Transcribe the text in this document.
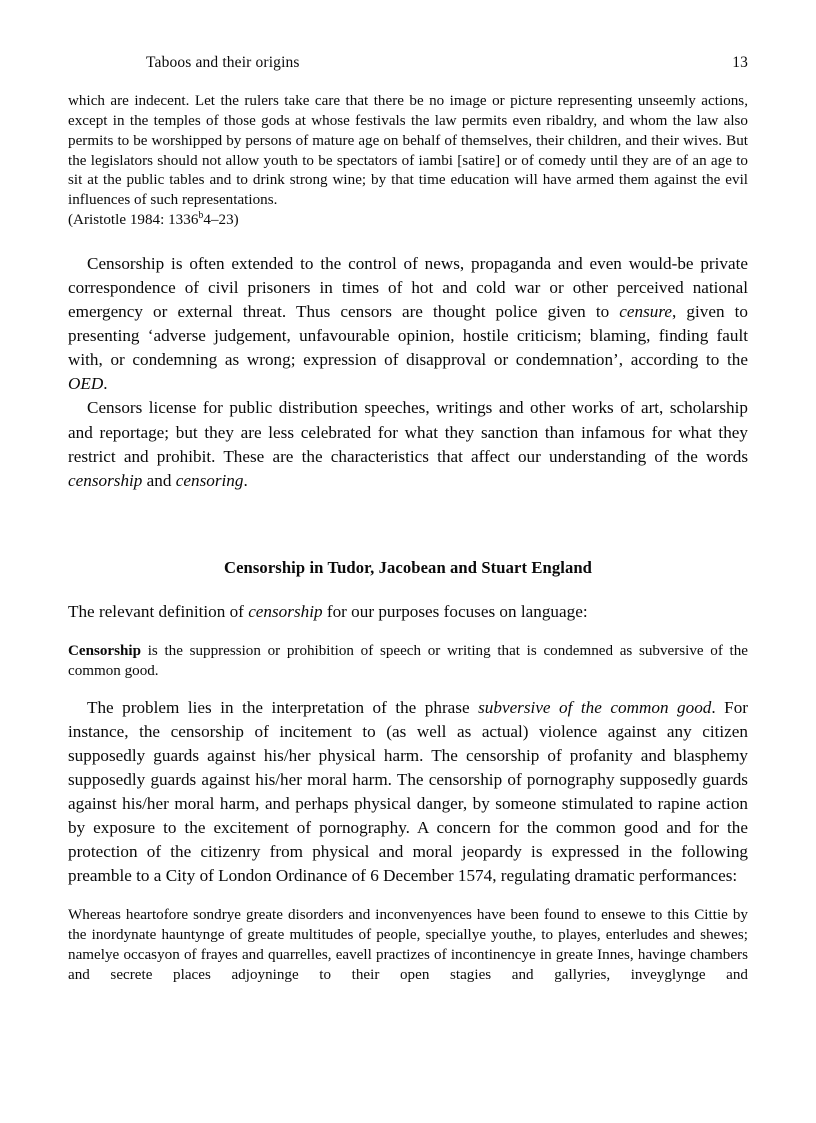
Taboos and their origins	13

which are indecent. Let the rulers take care that there be no image or picture representing unseemly actions, except in the temples of those gods at whose festivals the law permits even ribaldry, and whom the law also permits to be worshipped by persons of mature age on behalf of themselves, their children, and their wives. But the legislators should not allow youth to be spectators of iambi [satire] or of comedy until they are of an age to sit at the public tables and to drink strong wine; by that time education will have armed them against the evil influences of such representations.

(Aristotle 1984: 1336$^b$4–23)

Censorship is often extended to the control of news, propaganda and even would-be private correspondence of civil prisoners in times of hot and cold war or other perceived national emergency or external threat. Thus censors are thought police given to censure, given to presenting ‘adverse judgement, unfavourable opinion, hostile criticism; blaming, finding fault with, or condemning as wrong; expression of disapproval or condemnation’, according to the OED.

Censors license for public distribution speeches, writings and other works of art, scholarship and reportage; but they are less celebrated for what they sanction than infamous for what they restrict and prohibit. These are the characteristics that affect our understanding of the words censorship and censoring.

Censorship in Tudor, Jacobean and Stuart England

The relevant definition of censorship for our purposes focuses on language:

Censorship is the suppression or prohibition of speech or writing that is condemned as subversive of the common good.

The problem lies in the interpretation of the phrase subversive of the common good. For instance, the censorship of incitement to (as well as actual) violence against any citizen supposedly guards against his/her physical harm. The censorship of profanity and blasphemy supposedly guards against his/her moral harm. The censorship of pornography supposedly guards against his/her moral harm, and perhaps physical danger, by someone stimulated to rapine action by exposure to the excitement of pornography. A concern for the common good and for the protection of the citizenry from physical and moral jeopardy is expressed in the following preamble to a City of London Ordinance of 6 December 1574, regulating dramatic performances:

Whereas heartofore sondrye greate disorders and inconvenyences have been found to ensewe to this Cittie by the inordynate hauntynge of greate multitudes of people, speciallye youthe, to playes, enterludes and shewes; namelye occasyon of frayes and quarrelles, eavell practizes of incontinencye in greate Innes, havinge chambers and secrete places adjoyninge to their open stagies and gallyries, inveyglynge and
